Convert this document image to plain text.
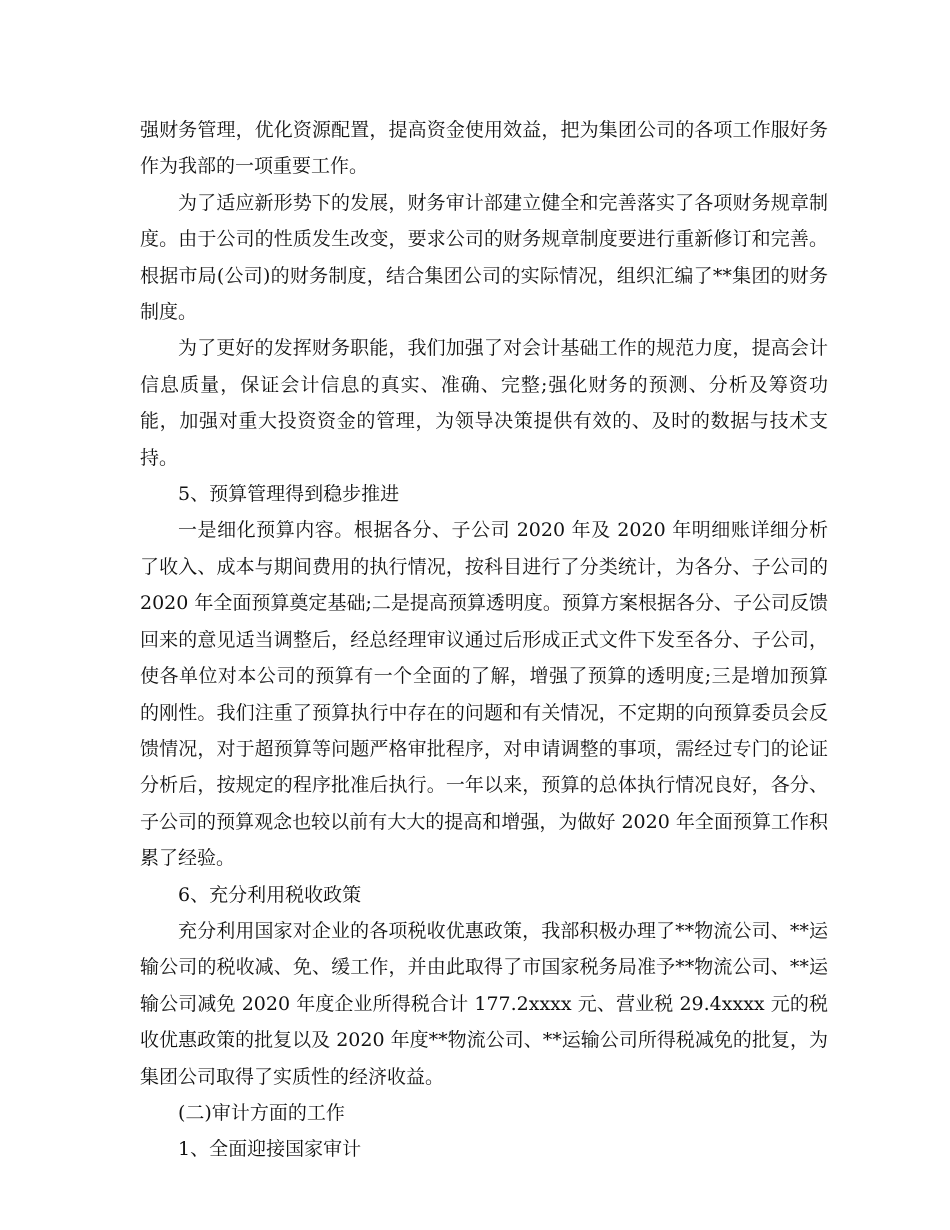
强财务管理，优化资源配置，提高资金使用效益，把为集团公司的各项工作服好务作为我部的一项重要工作。

为了适应新形势下的发展，财务审计部建立健全和完善落实了各项财务规章制度。由于公司的性质发生改变，要求公司的财务规章制度要进行重新修订和完善。根据市局(公司)的财务制度，结合集团公司的实际情况，组织汇编了**集团的财务制度。

为了更好的发挥财务职能，我们加强了对会计基础工作的规范力度，提高会计信息质量，保证会计信息的真实、准确、完整;强化财务的预测、分析及筹资功能，加强对重大投资资金的管理，为领导决策提供有效的、及时的数据与技术支持。

5、预算管理得到稳步推进

一是细化预算内容。根据各分、子公司 2020 年及 2020 年明细账详细分析了收入、成本与期间费用的执行情况，按科目进行了分类统计，为各分、子公司的 2020 年全面预算奠定基础;二是提高预算透明度。预算方案根据各分、子公司反馈回来的意见适当调整后，经总经理审议通过后形成正式文件下发至各分、子公司，使各单位对本公司的预算有一个全面的了解，增强了预算的透明度;三是增加预算的刚性。我们注重了预算执行中存在的问题和有关情况，不定期的向预算委员会反馈情况，对于超预算等问题严格审批程序，对申请调整的事项，需经过专门的论证分析后，按规定的程序批准后执行。一年以来，预算的总体执行情况良好，各分、子公司的预算观念也较以前有大大的提高和增强，为做好 2020 年全面预算工作积累了经验。

6、充分利用税收政策

充分利用国家对企业的各项税收优惠政策，我部积极办理了**物流公司、**运输公司的税收减、免、缓工作，并由此取得了市国家税务局准予**物流公司、**运输公司减免 2020 年度企业所得税合计 177.2xxxx 元、营业税 29.4xxxx 元的税收优惠政策的批复以及 2020 年度**物流公司、**运输公司所得税减免的批复，为集团公司取得了实质性的经济收益。

(二)审计方面的工作

1、全面迎接国家审计
